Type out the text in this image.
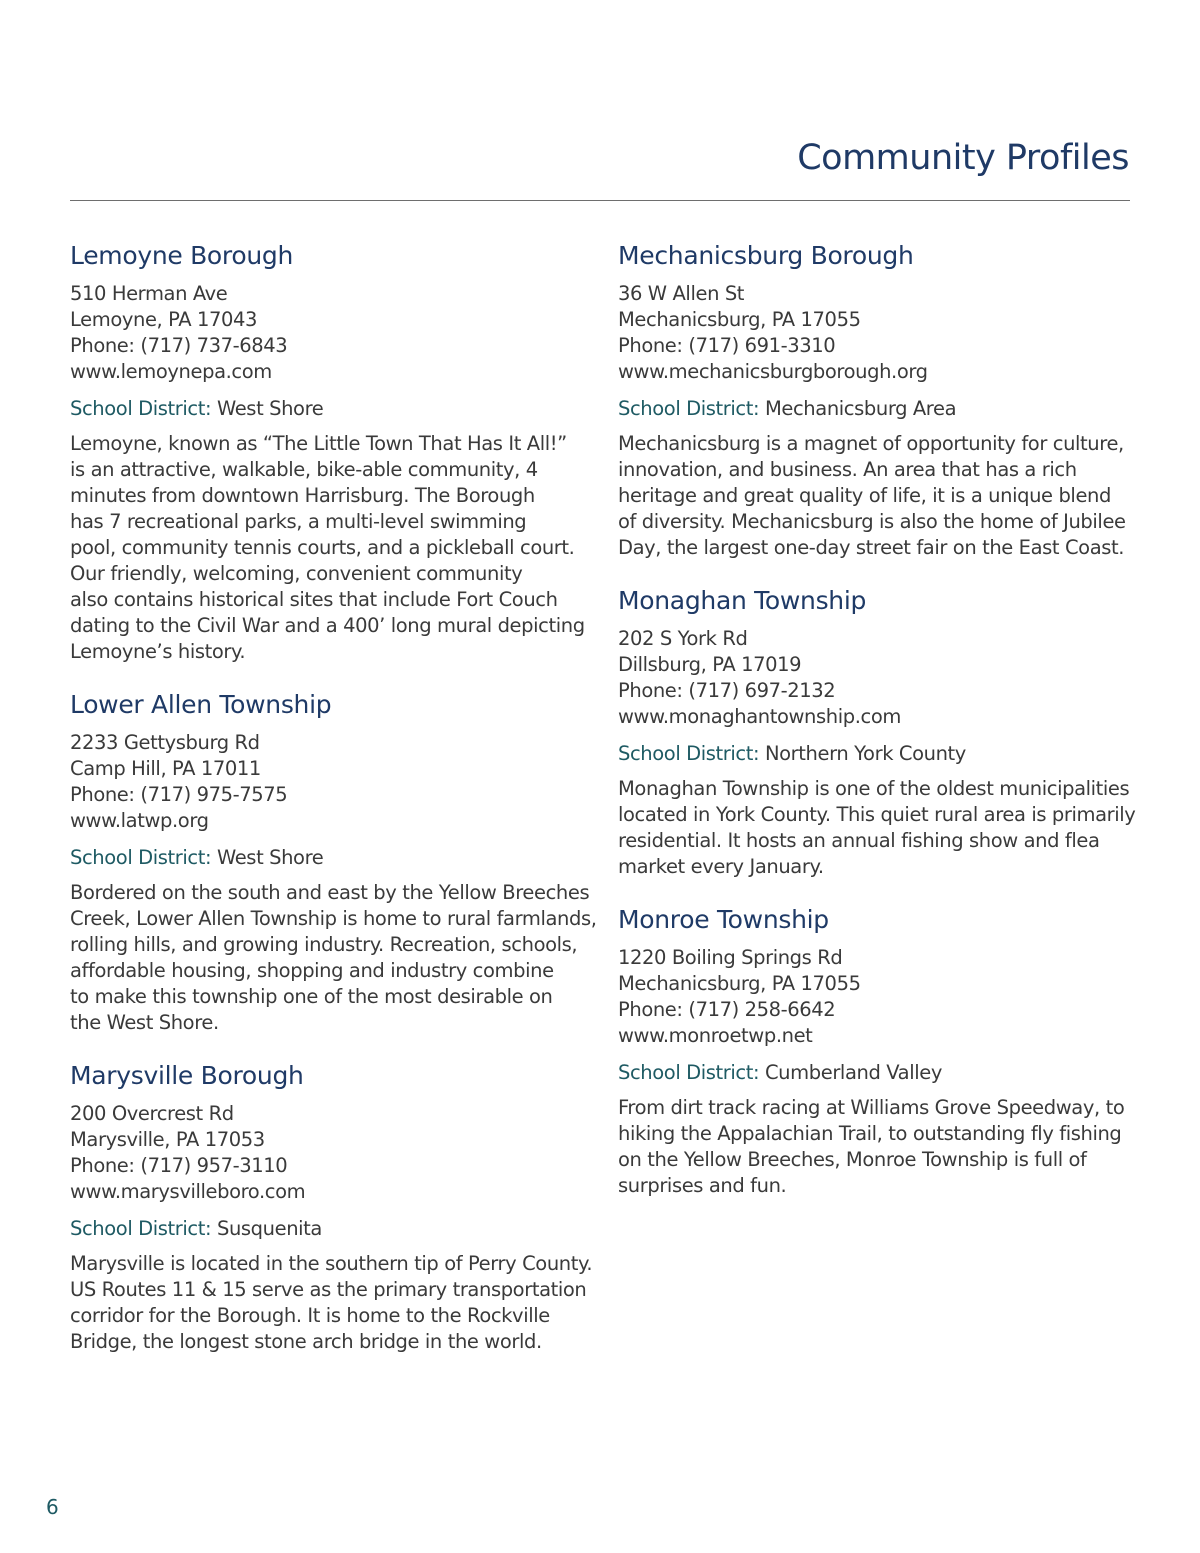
Community Profiles
Lemoyne Borough
510 Herman Ave
Lemoyne, PA 17043
Phone: (717) 737-6843
www.lemoynepa.com
School District: West Shore
Lemoyne, known as “The Little Town That Has It All!”
is an attractive, walkable, bike-able community, 4
minutes from downtown Harrisburg. The Borough
has 7 recreational parks, a multi-level swimming
pool, community tennis courts, and a pickleball court.
Our friendly, welcoming, convenient community
also contains historical sites that include Fort Couch
dating to the Civil War and a 400’ long mural depicting
Lemoyne’s history.
Lower Allen Township
2233 Gettysburg Rd
Camp Hill, PA 17011
Phone: (717) 975-7575
www.latwp.org
School District: West Shore
Bordered on the south and east by the Yellow Breeches
Creek, Lower Allen Township is home to rural farmlands,
rolling hills, and growing industry. Recreation, schools,
affordable housing, shopping and industry combine
to make this township one of the most desirable on
the West Shore.
Marysville Borough
200 Overcrest Rd
Marysville, PA 17053
Phone: (717) 957-3110
www.marysvilleboro.com
School District: Susquenita
Marysville is located in the southern tip of Perry County.
US Routes 11 & 15 serve as the primary transportation
corridor for the Borough. It is home to the Rockville
Bridge, the longest stone arch bridge in the world.
Mechanicsburg Borough
36 W Allen St
Mechanicsburg, PA 17055
Phone: (717) 691-3310
www.mechanicsburgborough.org
School District: Mechanicsburg Area
Mechanicsburg is a magnet of opportunity for culture,
innovation, and business. An area that has a rich
heritage and great quality of life, it is a unique blend
of diversity. Mechanicsburg is also the home of Jubilee
Day, the largest one-day street fair on the East Coast.
Monaghan Township
202 S York Rd
Dillsburg, PA 17019
Phone: (717) 697-2132
www.monaghantownship.com
School District: Northern York County
Monaghan Township is one of the oldest municipalities
located in York County. This quiet rural area is primarily
residential. It hosts an annual fishing show and flea
market every January.
Monroe Township
1220 Boiling Springs Rd
Mechanicsburg, PA 17055
Phone: (717) 258-6642
www.monroetwp.net
School District: Cumberland Valley
From dirt track racing at Williams Grove Speedway, to
hiking the Appalachian Trail, to outstanding fly fishing
on the Yellow Breeches, Monroe Township is full of
surprises and fun.
6
